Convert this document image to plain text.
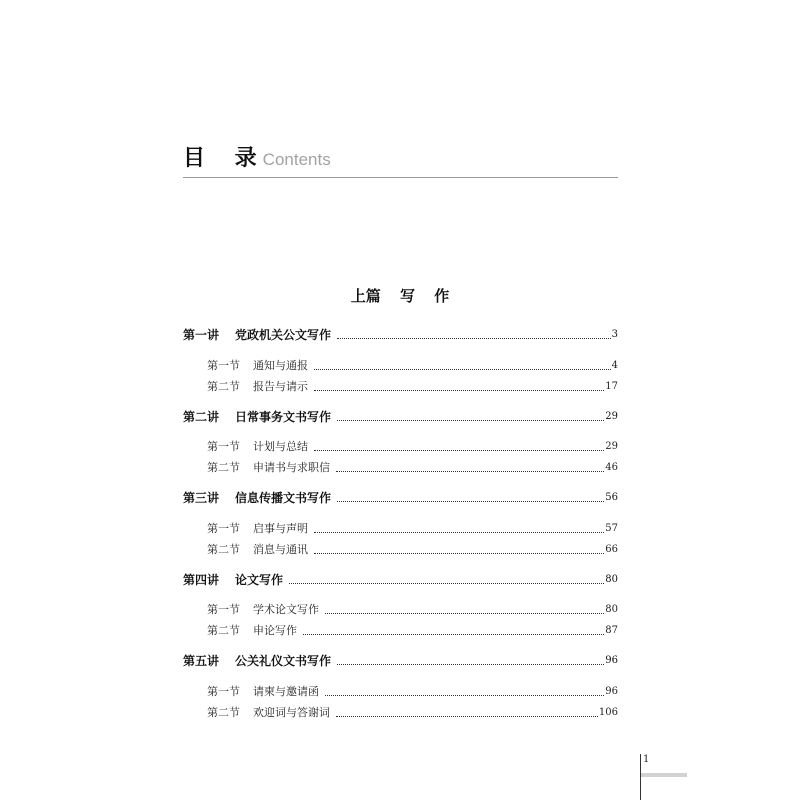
目 录 Contents
上篇 写 作
第一讲	党政机关公文写作	3
第一节	通知与通报	4
第二节	报告与请示	17
第二讲	日常事务文书写作	29
第一节	计划与总结	29
第二节	申请书与求职信	46
第三讲	信息传播文书写作	56
第一节	启事与声明	57
第二节	消息与通讯	66
第四讲	论文写作	80
第一节	学术论文写作	80
第二节	申论写作	87
第五讲	公关礼仪文书写作	96
第一节	请柬与邀请函	96
第二节	欢迎词与答谢词	106
1
